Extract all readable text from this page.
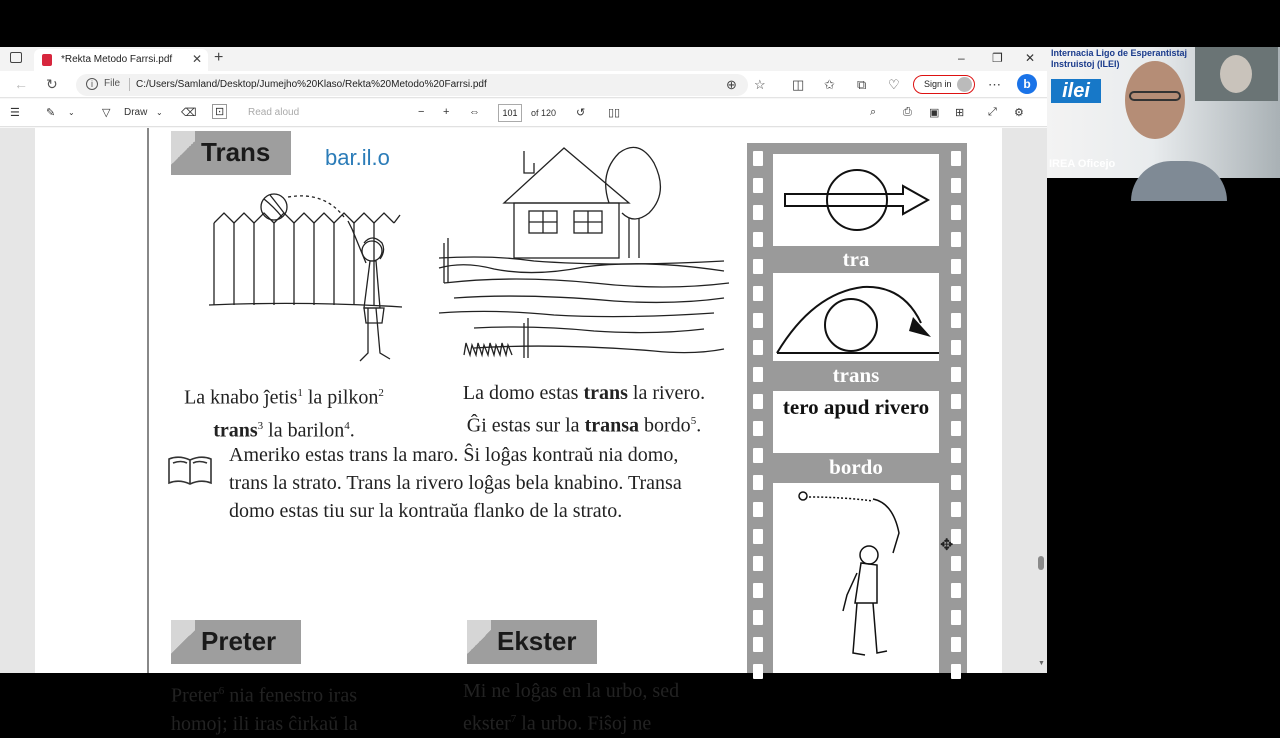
*Rekta Metodo Farrsi.pdf ✕ +	– ❐ ✕
← ↻	i	File C:/Users/Samland/Desktop/Jumejho%20Klaso/Rekta%20Metodo%20Farrsi.pdf	⊕ ☆ ◫ ✩ ⧉ ♡	Sign in	⋯	b
☰ ✎ ⌄ ▽ Draw ⌄ ⌫ ⊡	Read aloud	− + ⇔	101	of 120 ↺ ▯▯	⌕ ⎙ ▣ ⊞ ⤢ ⚙
Trans bar.il.o
La knabo ĵetis$^1$ la pilkon$^2$
trans$^3$ la barilon$^4$.
La domo estas trans la rivero.
Ĝi estas sur la transa bordo$^5$.
Ameriko estas trans la maro. Ŝi loĝas kontraŭ nia domo,
trans la strato. Trans la rivero loĝas bela knabino. Transa
domo estas tiu sur la kontraŭa flanko de la strato.
Preter	Ekster
Preter$^6$ nia fenestro iras
homoj; ili iras ĉirkaŭ la
Mi ne loĝas en la urbo, sed
ekster$^7$ la urbo. Fiŝoj ne
tra
trans
tero apud rivero
bordo
▼
✥
Internacia Ligo de Esperantistaj
Instruistoj (ILEI)
ilei
IREA Oficejo
